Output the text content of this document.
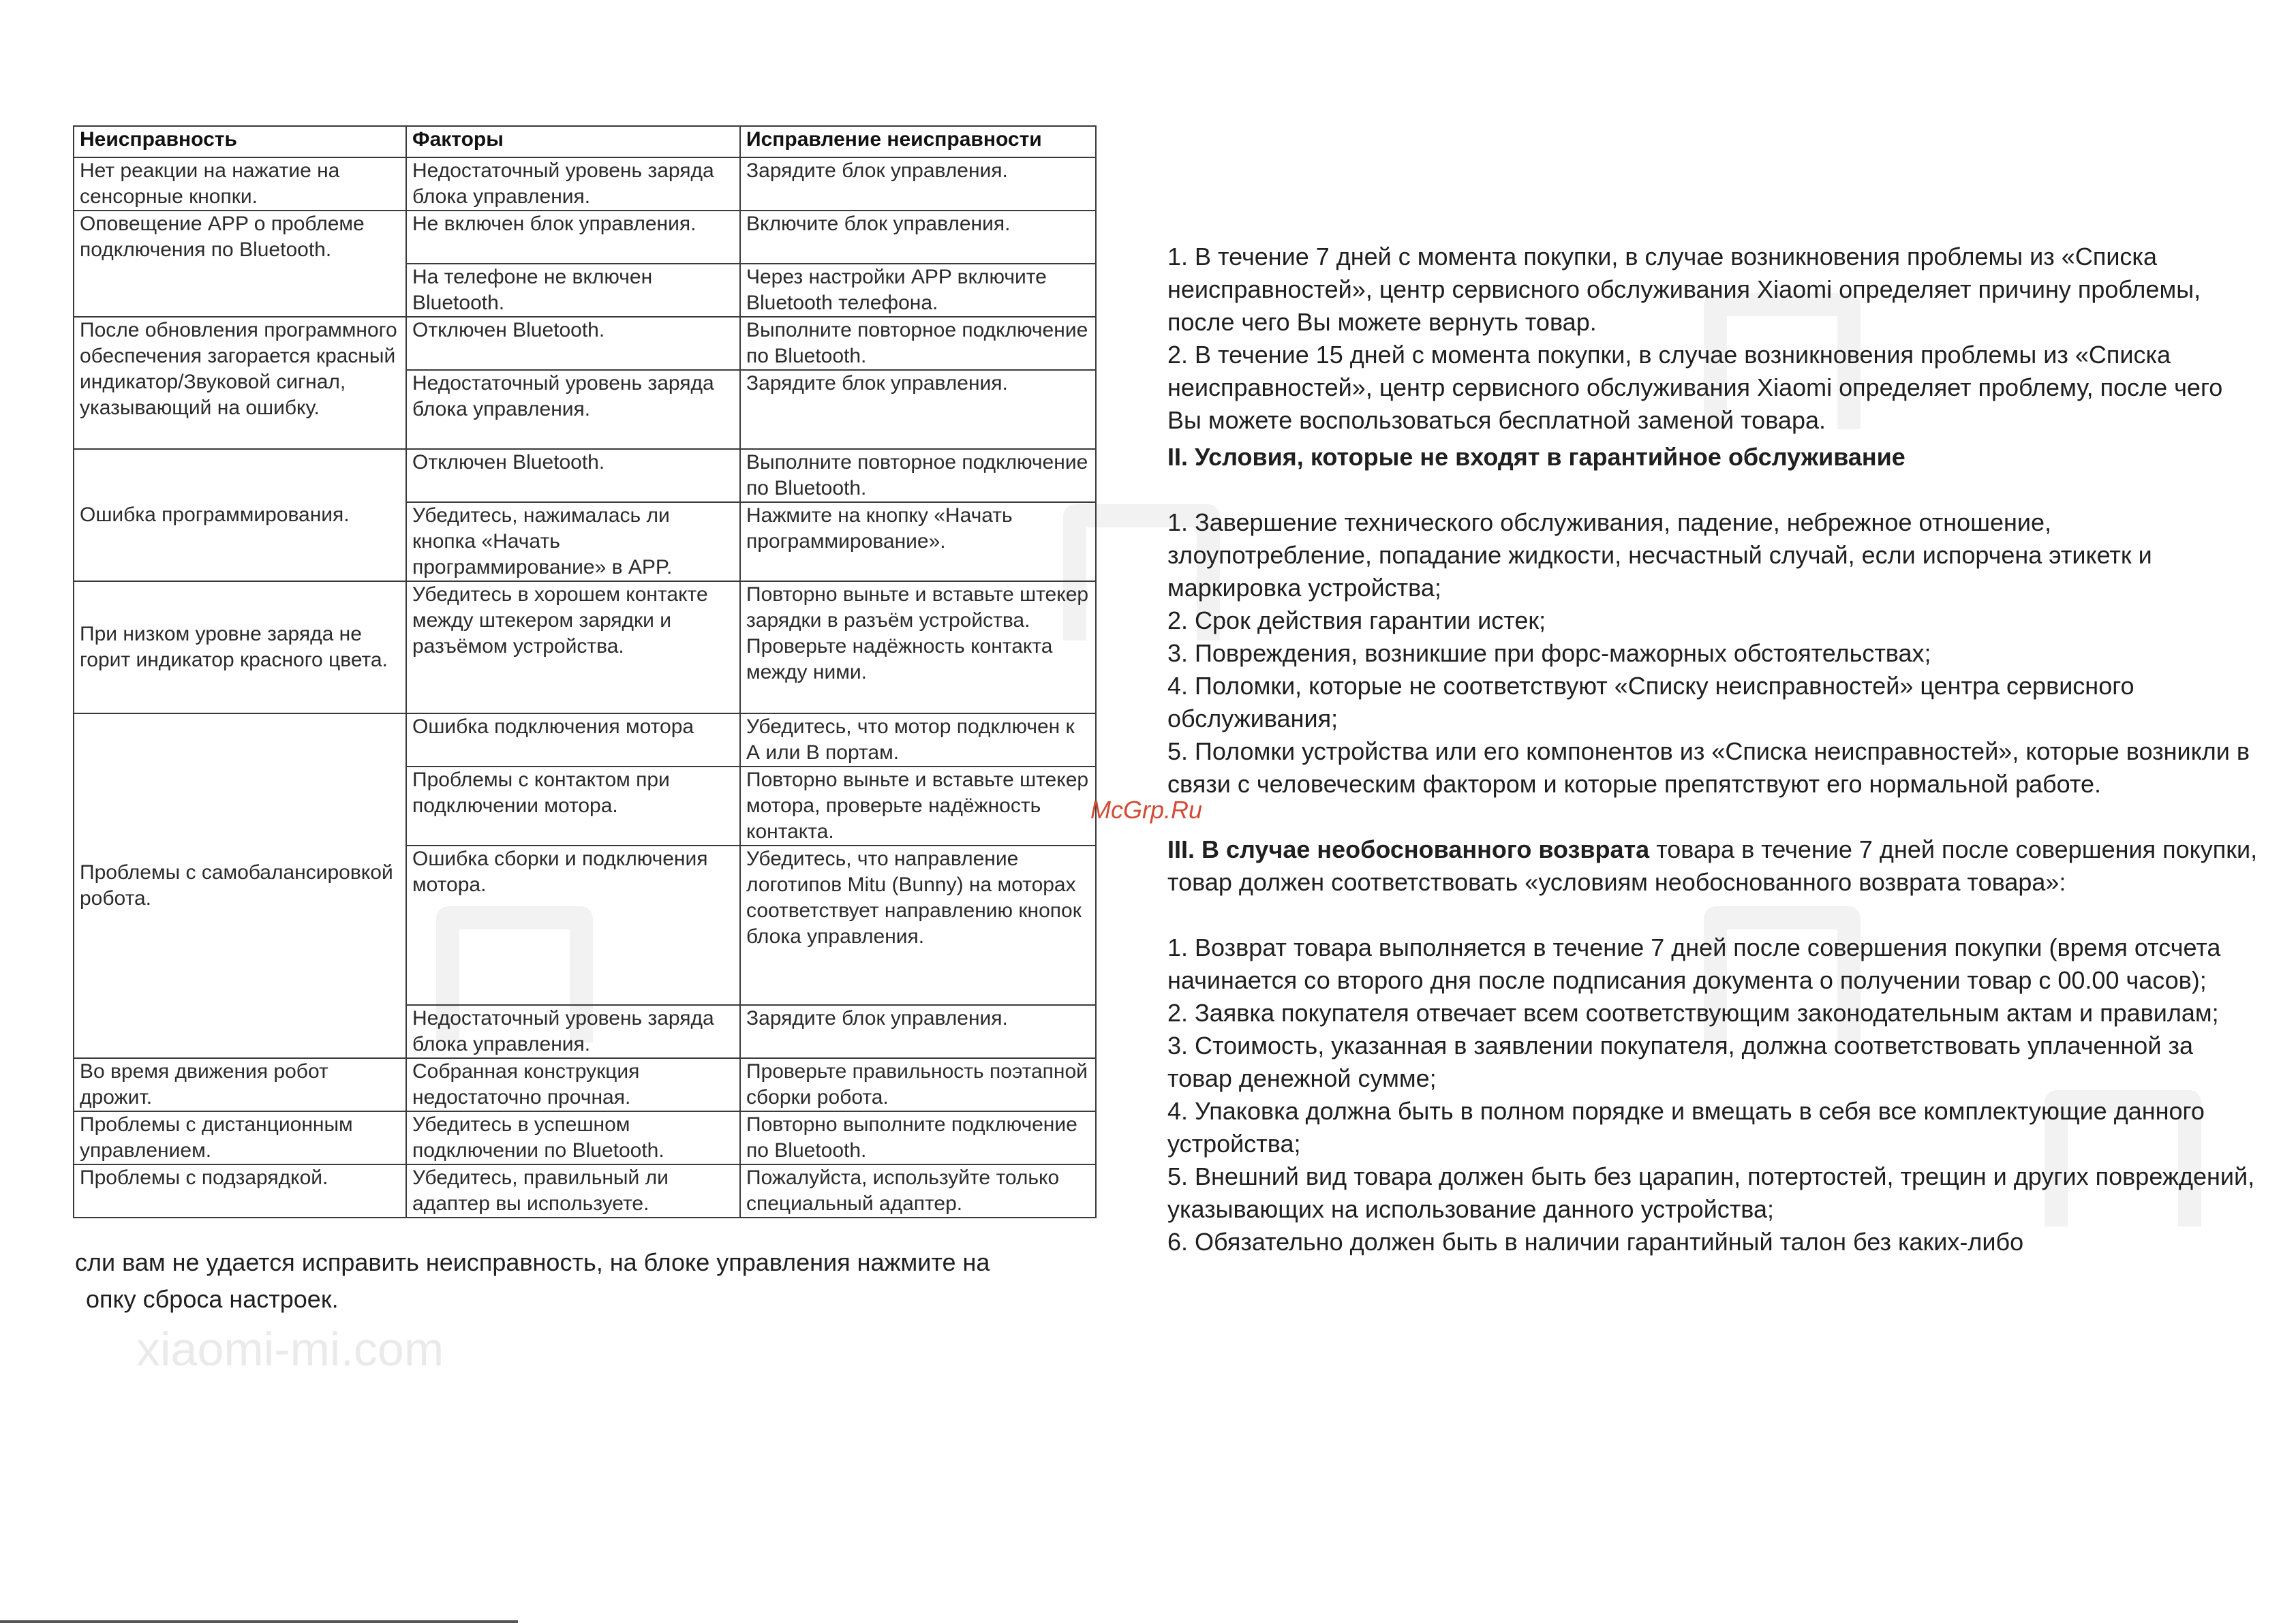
Неисправность	Факторы	Исправление неисправности
Нет реакции на нажатие на сенсорные кнопки.	Недостаточный уровень заряда блока управления.	Зарядите блок управления.
Оповещение APP о проблеме подключения по Bluetooth.	Не включен блок управления.	Включите блок управления.
	На телефоне не включен Bluetooth.	Через настройки APP включите Bluetooth телефона.
После обновления программного обеспечения загорается красный индикатор/Звуковой сигнал, указывающий на ошибку.	Отключен Bluetooth.	Выполните повторное подключение по Bluetooth.
	Недостаточный уровень заряда блока управления.	Зарядите блок управления.
Ошибка программирования.	Отключен Bluetooth.	Выполните повторное подключение по Bluetooth.
	Убедитесь, нажималась ли кнопка «Начать программирование» в APP.	Нажмите на кнопку «Начать программирование».
При низком уровне заряда не горит индикатор красного цвета.	Убедитесь в хорошем контакте между штекером зарядки и разъёмом устройства.	Повторно выньте и вставьте штекер зарядки в разъём устройства. Проверьте надёжность контакта между ними.
Проблемы с самобалансировкой робота.	Ошибка подключения мотора	Убедитесь, что мотор подключен к А или В портам.
	Проблемы с контактом при подключении мотора.	Повторно выньте и вставьте штекер мотора, проверьте надёжность контакта.
	Ошибка сборки и подключения мотора.	Убедитесь, что направление логотипов Mitu (Bunny) на моторах соответствует направлению кнопок блока управления.
	Недостаточный уровень заряда блока управления.	Зарядите блок управления.
Во время движения робот дрожит.	Собранная конструкция недостаточно прочная.	Проверьте правильность поэтапной сборки робота.
Проблемы с дистанционным управлением.	Убедитесь в успешном подключении по Bluetooth.	Повторно выполните подключение по Bluetooth.
Проблемы с подзарядкой.	Убедитесь, правильный ли адаптер вы используете.	Пожалуйста, используйте только специальный адаптер.
сли вам не удается исправить неисправность, на блоке управления нажмите на
опку сброса настроек.
xiaomi-mi.com

1. В течение 7 дней с момента покупки, в случае возникновения проблемы из «Списка неисправностей», центр сервисного обслуживания Xiaomi определяет причину проблемы, после чего Вы можете вернуть товар.

2. В течение 15 дней с момента покупки, в случае возникновения проблемы из «Списка неисправностей», центр сервисного обслуживания Xiaomi определяет проблему, после чего Вы можете воспользоваться бесплатной заменой товара.

II. Условия, которые не входят в гарантийное обслуживание

1. Завершение технического обслуживания, падение, небрежное отношение, злоупотребление, попадание жидкости, несчастный случай, если испорчена этикетк и маркировка устройства;

2. Срок действия гарантии истек;

3. Повреждения, возникшие при форс-мажорных обстоятельствах;

4. Поломки, которые не соответствуют «Списку неисправностей» центра сервисного обслуживания;

5. Поломки устройства или его компонентов из «Списка неисправностей», которые возникли в связи с человеческим фактором и которые препятствуют его нормальной работе.

III. В случае необоснованного возврата товара в течение 7 дней после совершения покупки, товар должен соответствовать «условиям необоснованного возврата товара»:

1. Возврат товара выполняется в течение 7 дней после совершения покупки (время отсчета начинается со второго дня после подписания документа о получении товар с 00.00 часов);

2. Заявка покупателя отвечает всем соответствующим законодательным актам и правилам;

3. Стоимость, указанная в заявлении покупателя, должна соответствовать уплаченной за товар денежной сумме;

4. Упаковка должна быть в полном порядке и вмещать в себя все комплектующие данного устройства;

5. Внешний вид товара должен быть без царапин, потертостей, трещин и других повреждений, указывающих на использование данного устройства;

6. Обязательно должен быть в наличии гарантийный талон без каких-либо

McGrp.Ru
